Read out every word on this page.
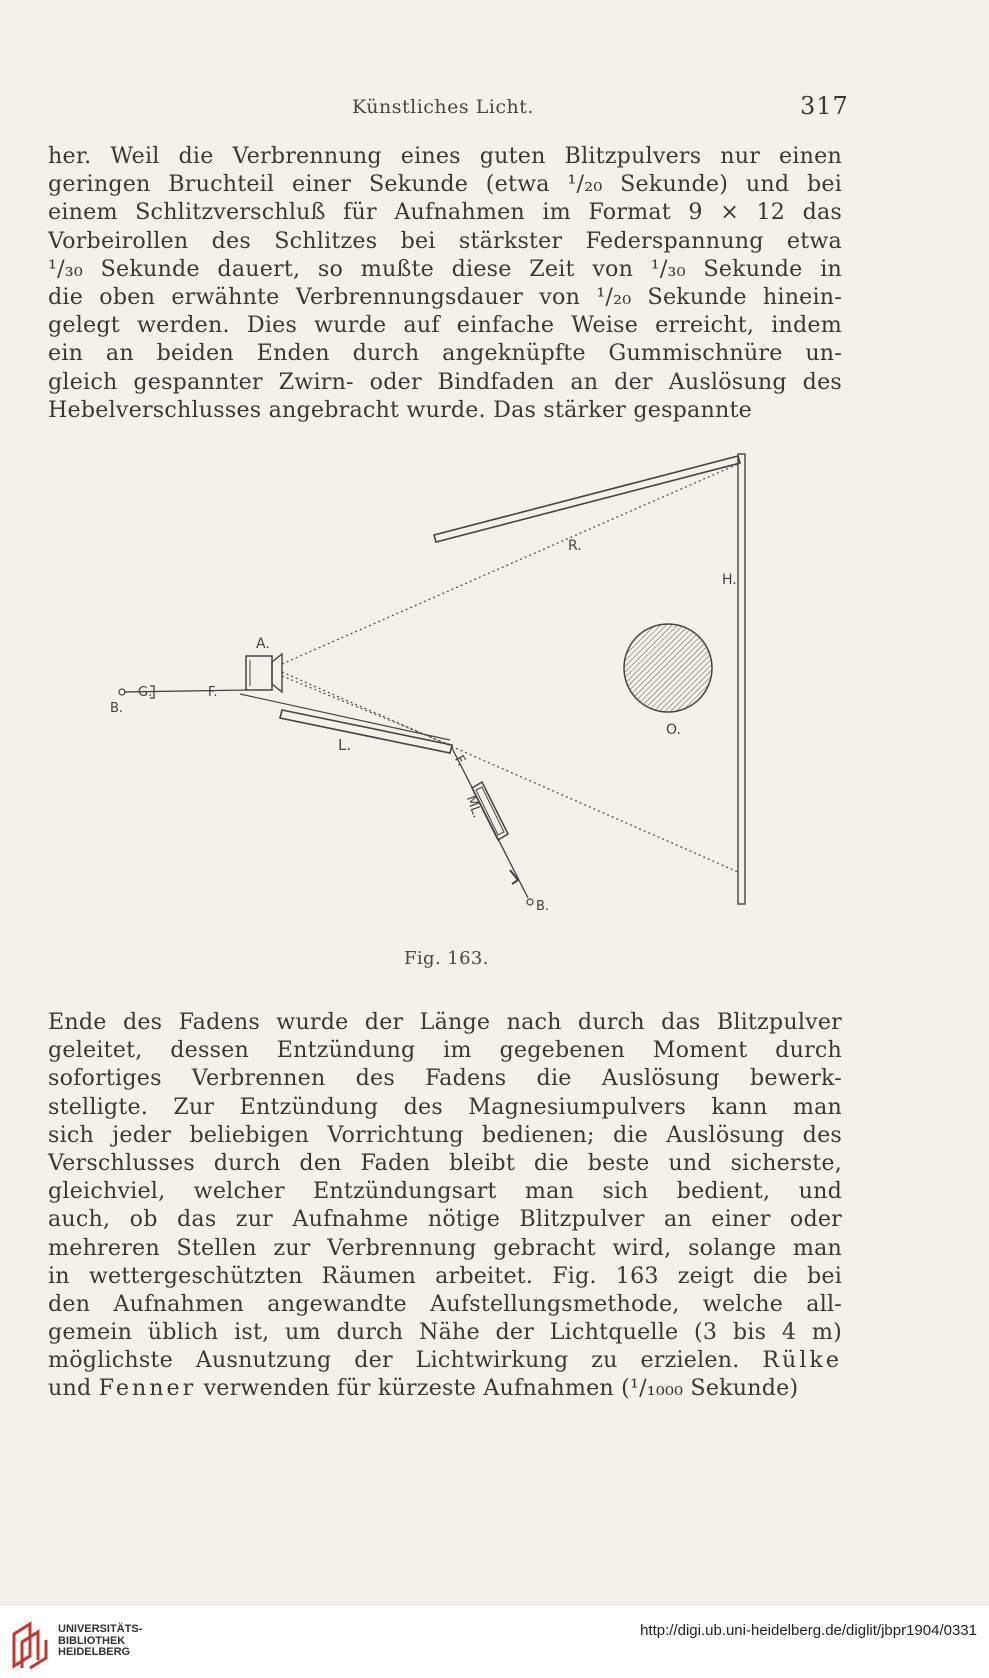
Künstliches Licht.	317
her. Weil die Verbrennung eines guten Blitzpulvers nur einen
geringen Bruchteil einer Sekunde (etwa ¹/₂₀ Sekunde) und bei
einem Schlitzverschluß für Aufnahmen im Format 9 × 12 das
Vorbeirollen des Schlitzes bei stärkster Federspannung etwa
¹/₃₀ Sekunde dauert, so mußte diese Zeit von ¹/₃₀ Sekunde in
die oben erwähnte Verbrennungsdauer von ¹/₂₀ Sekunde hinein-
gelegt werden. Dies wurde auf einfache Weise erreicht, indem
ein an beiden Enden durch angeknüpfte Gummischnüre un-
gleich gespannter Zwirn- oder Bindfaden an der Auslösung des
Hebelverschlusses angebracht wurde. Das stärker gespannte
R.
H.
A.
O.
L.
F.
F.
G.
B.
ML.
B.
Fig. 163.
Ende des Fadens wurde der Länge nach durch das Blitzpulver
geleitet, dessen Entzündung im gegebenen Moment durch
sofortiges Verbrennen des Fadens die Auslösung bewerk-
stelligte. Zur Entzündung des Magnesiumpulvers kann man
sich jeder beliebigen Vorrichtung bedienen; die Auslösung des
Verschlusses durch den Faden bleibt die beste und sicherste,
gleichviel, welcher Entzündungsart man sich bedient, und
auch, ob das zur Aufnahme nötige Blitzpulver an einer oder
mehreren Stellen zur Verbrennung gebracht wird, solange man
in wettergeschützten Räumen arbeitet. Fig. 163 zeigt die bei
den Aufnahmen angewandte Aufstellungsmethode, welche all-
gemein üblich ist, um durch Nähe der Lichtquelle (3 bis 4 m)
möglichste Ausnutzung der Lichtwirkung zu erzielen. Rülke
und Fenner verwenden für kürzeste Aufnahmen (¹/₁₀₀₀ Sekunde)
UNIVERSITÄTS-
BIBLIOTHEK
HEIDELBERG
http://digi.ub.uni-heidelberg.de/diglit/jbpr1904/0331
